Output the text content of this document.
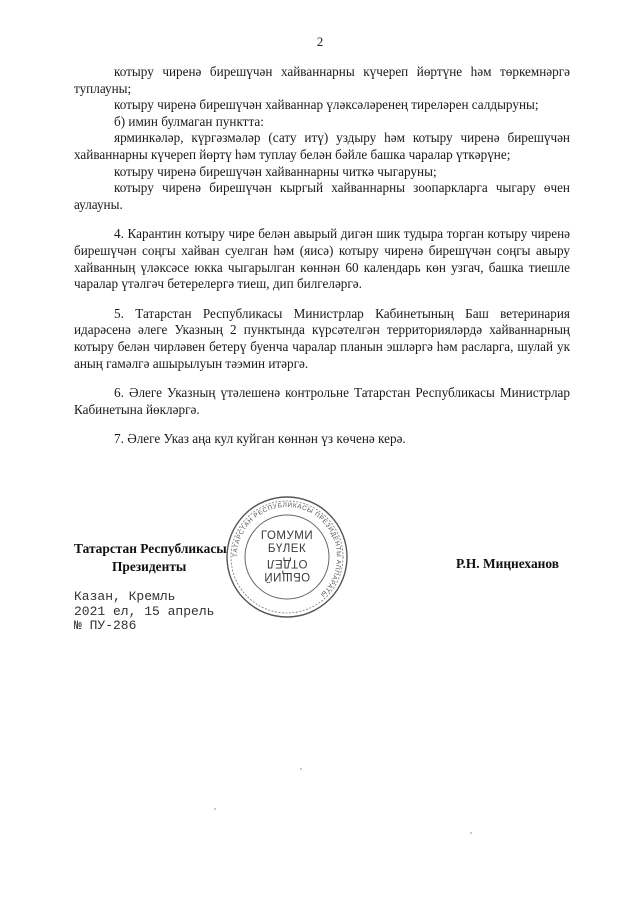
2

котыру чиренә бирешүчән хайваннарны күчереп йөртүне һәм төркемнәргә туплауны;

котыру чиренә бирешүчән хайваннар үләксәләренең тиреләрен салдыруны;

б) имин булмаган пунктта:

ярминкәләр, күргәзмәләр (сату итү) уздыру һәм котыру чиренә бирешүчән хайваннарны күчереп йөртү һәм туплау белән бәйле башка чаралар үткәрүне;

котыру чиренә бирешүчән хайваннарны читкә чыгаруны;

котыру чиренә бирешүчән кыргый хайваннарны зоопаркларга чыгару өчен аулауны.

4. Карантин котыру чире белән авырый дигән шик тудыра торган котыру чиренә бирешүчән соңгы хайван суелган һәм (яисә) котыру чиренә бирешүчән соңгы авыру хайванның үләксәсе юкка чыгарылган көннән 60 календарь көн узгач, башка тиешле чаралар үтәлгәч бетерелергә тиеш, дип билгеләргә.

5. Татарстан Республикасы Министрлар Кабинетының Баш ветеринария идарәсенә әлеге Указның 2 пунктында күрсәтелгән территорияләрдә хайваннарның котыру белән чирләвен бетерү буенча чаралар планын эшләргә һәм расларга, шулай ук аның гамәлгә ашырылуын тәэмин итәргә.

6. Әлеге Указның үтәлешенә контрольне Татарстан Республикасы Министрлар Кабинетына йөкләргә.

7. Әлеге Указ аңа кул куйган көннән үз көченә керә.

ТАТАРСТАН РЕСПУБЛИКАСЫ ПРЕЗИДЕНТЫ АППАРАТЫ
ГОМУМИ
БҮЛЕК
ОТДЕЛ
ОБЩИЙ
Татарстан Республикасы
Президенты	Р.Н. Миңнеханов
Казан, Кремль
2021 ел, 15 апрель
№ ПУ-286
